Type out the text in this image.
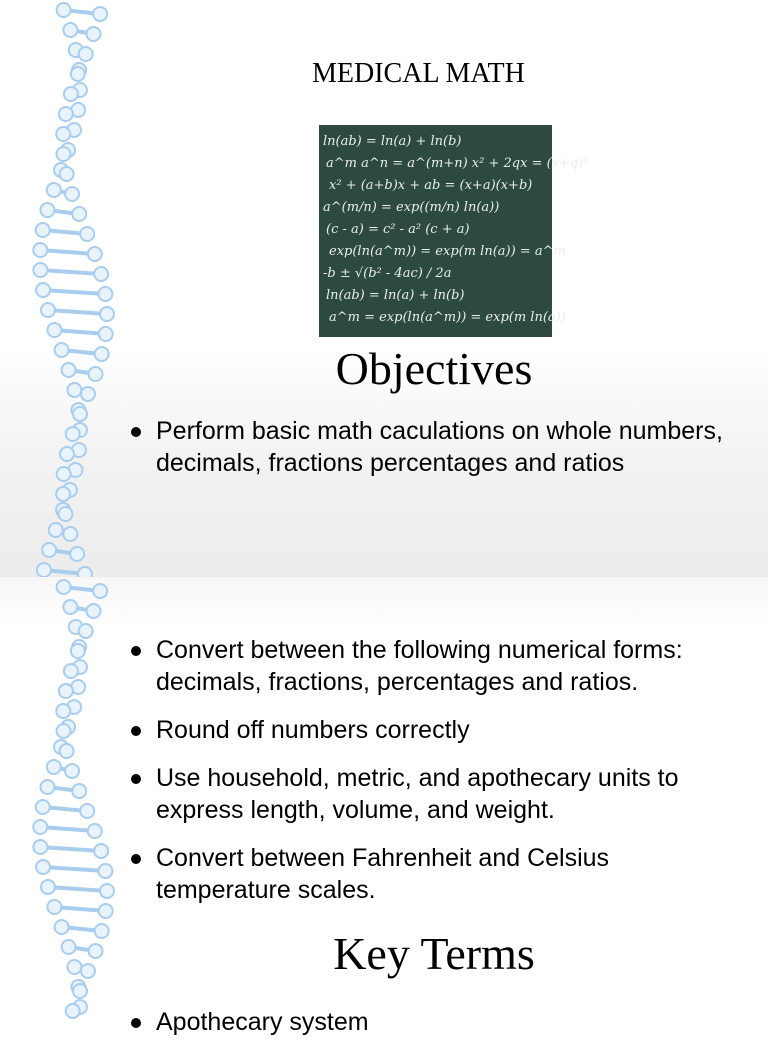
MEDICAL MATH
ln(ab) = ln(a) + ln(b)
a^m a^n = a^(m+n) x² + 2qx = (x+q)²
x² + (a+b)x + ab = (x+a)(x+b)
a^(m/n) = exp((m/n) ln(a))
(c - a) = c² - a² (c + a)
exp(ln(a^m)) = exp(m ln(a)) = a^m
-b ± √(b² - 4ac) / 2a
ln(ab) = ln(a) + ln(b)
a^m = exp(ln(a^m)) = exp(m ln(a))
Objectives
Perform basic math caculations on whole numbers, decimals, fractions percentages and ratios
Convert between the following numerical forms: decimals, fractions, percentages and ratios.
Round off numbers correctly
Use household, metric, and apothecary units to express length, volume, and weight.
Convert between Fahrenheit and Celsius temperature scales.
Key Terms
Apothecary system
